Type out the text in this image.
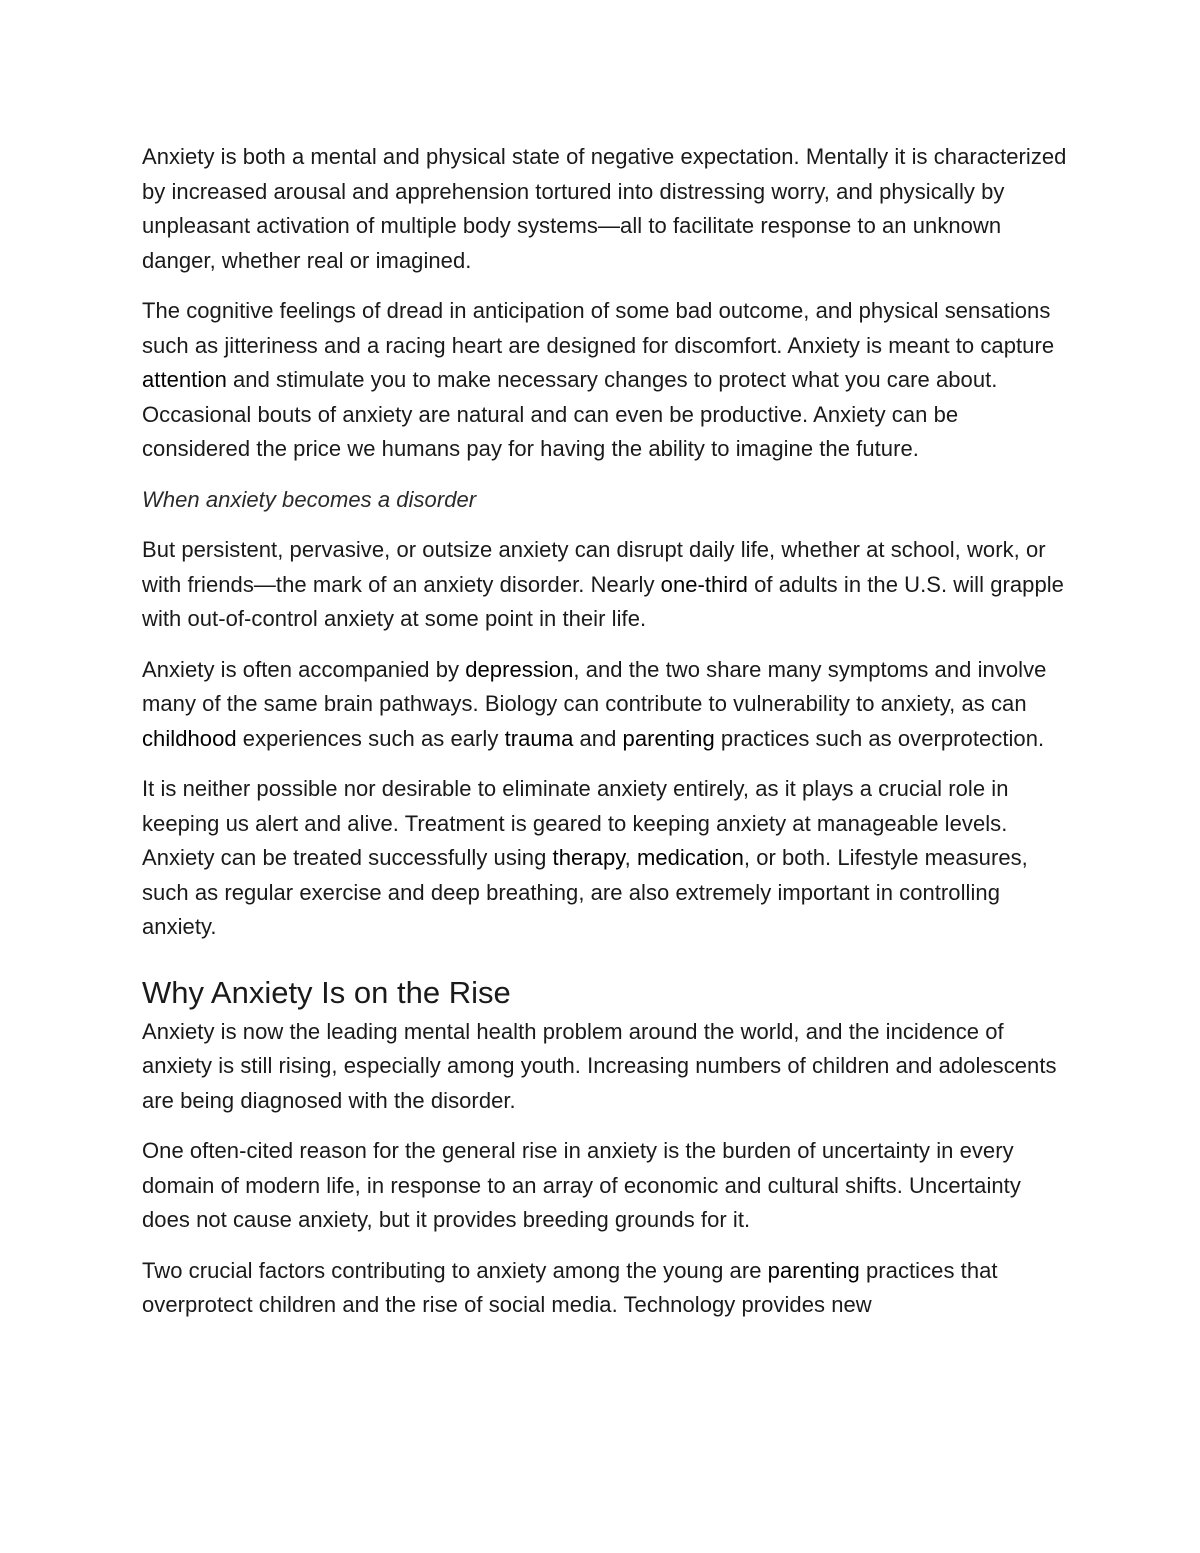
Anxiety is both a mental and physical state of negative expectation. Mentally it is characterized by increased arousal and apprehension tortured into distressing worry, and physically by unpleasant activation of multiple body systems—all to facilitate response to an unknown danger, whether real or imagined.

The cognitive feelings of dread in anticipation of some bad outcome, and physical sensations such as jitteriness and a racing heart are designed for discomfort. Anxiety is meant to capture attention and stimulate you to make necessary changes to protect what you care about. Occasional bouts of anxiety are natural and can even be productive. Anxiety can be considered the price we humans pay for having the ability to imagine the future.

When anxiety becomes a disorder

But persistent, pervasive, or outsize anxiety can disrupt daily life, whether at school, work, or with friends—the mark of an anxiety disorder. Nearly one-third of adults in the U.S. will grapple with out-of-control anxiety at some point in their life.

Anxiety is often accompanied by depression, and the two share many symptoms and involve many of the same brain pathways. Biology can contribute to vulnerability to anxiety, as can childhood experiences such as early trauma and parenting practices such as overprotection.

It is neither possible nor desirable to eliminate anxiety entirely, as it plays a crucial role in keeping us alert and alive. Treatment is geared to keeping anxiety at manageable levels. Anxiety can be treated successfully using therapy, medication, or both. Lifestyle measures, such as regular exercise and deep breathing, are also extremely important in controlling anxiety.

Why Anxiety Is on the Rise

Anxiety is now the leading mental health problem around the world, and the incidence of anxiety is still rising, especially among youth. Increasing numbers of children and adolescents are being diagnosed with the disorder.

One often-cited reason for the general rise in anxiety is the burden of uncertainty in every domain of modern life, in response to an array of economic and cultural shifts. Uncertainty does not cause anxiety, but it provides breeding grounds for it.

Two crucial factors contributing to anxiety among the young are parenting practices that overprotect children and the rise of social media. Technology provides new
